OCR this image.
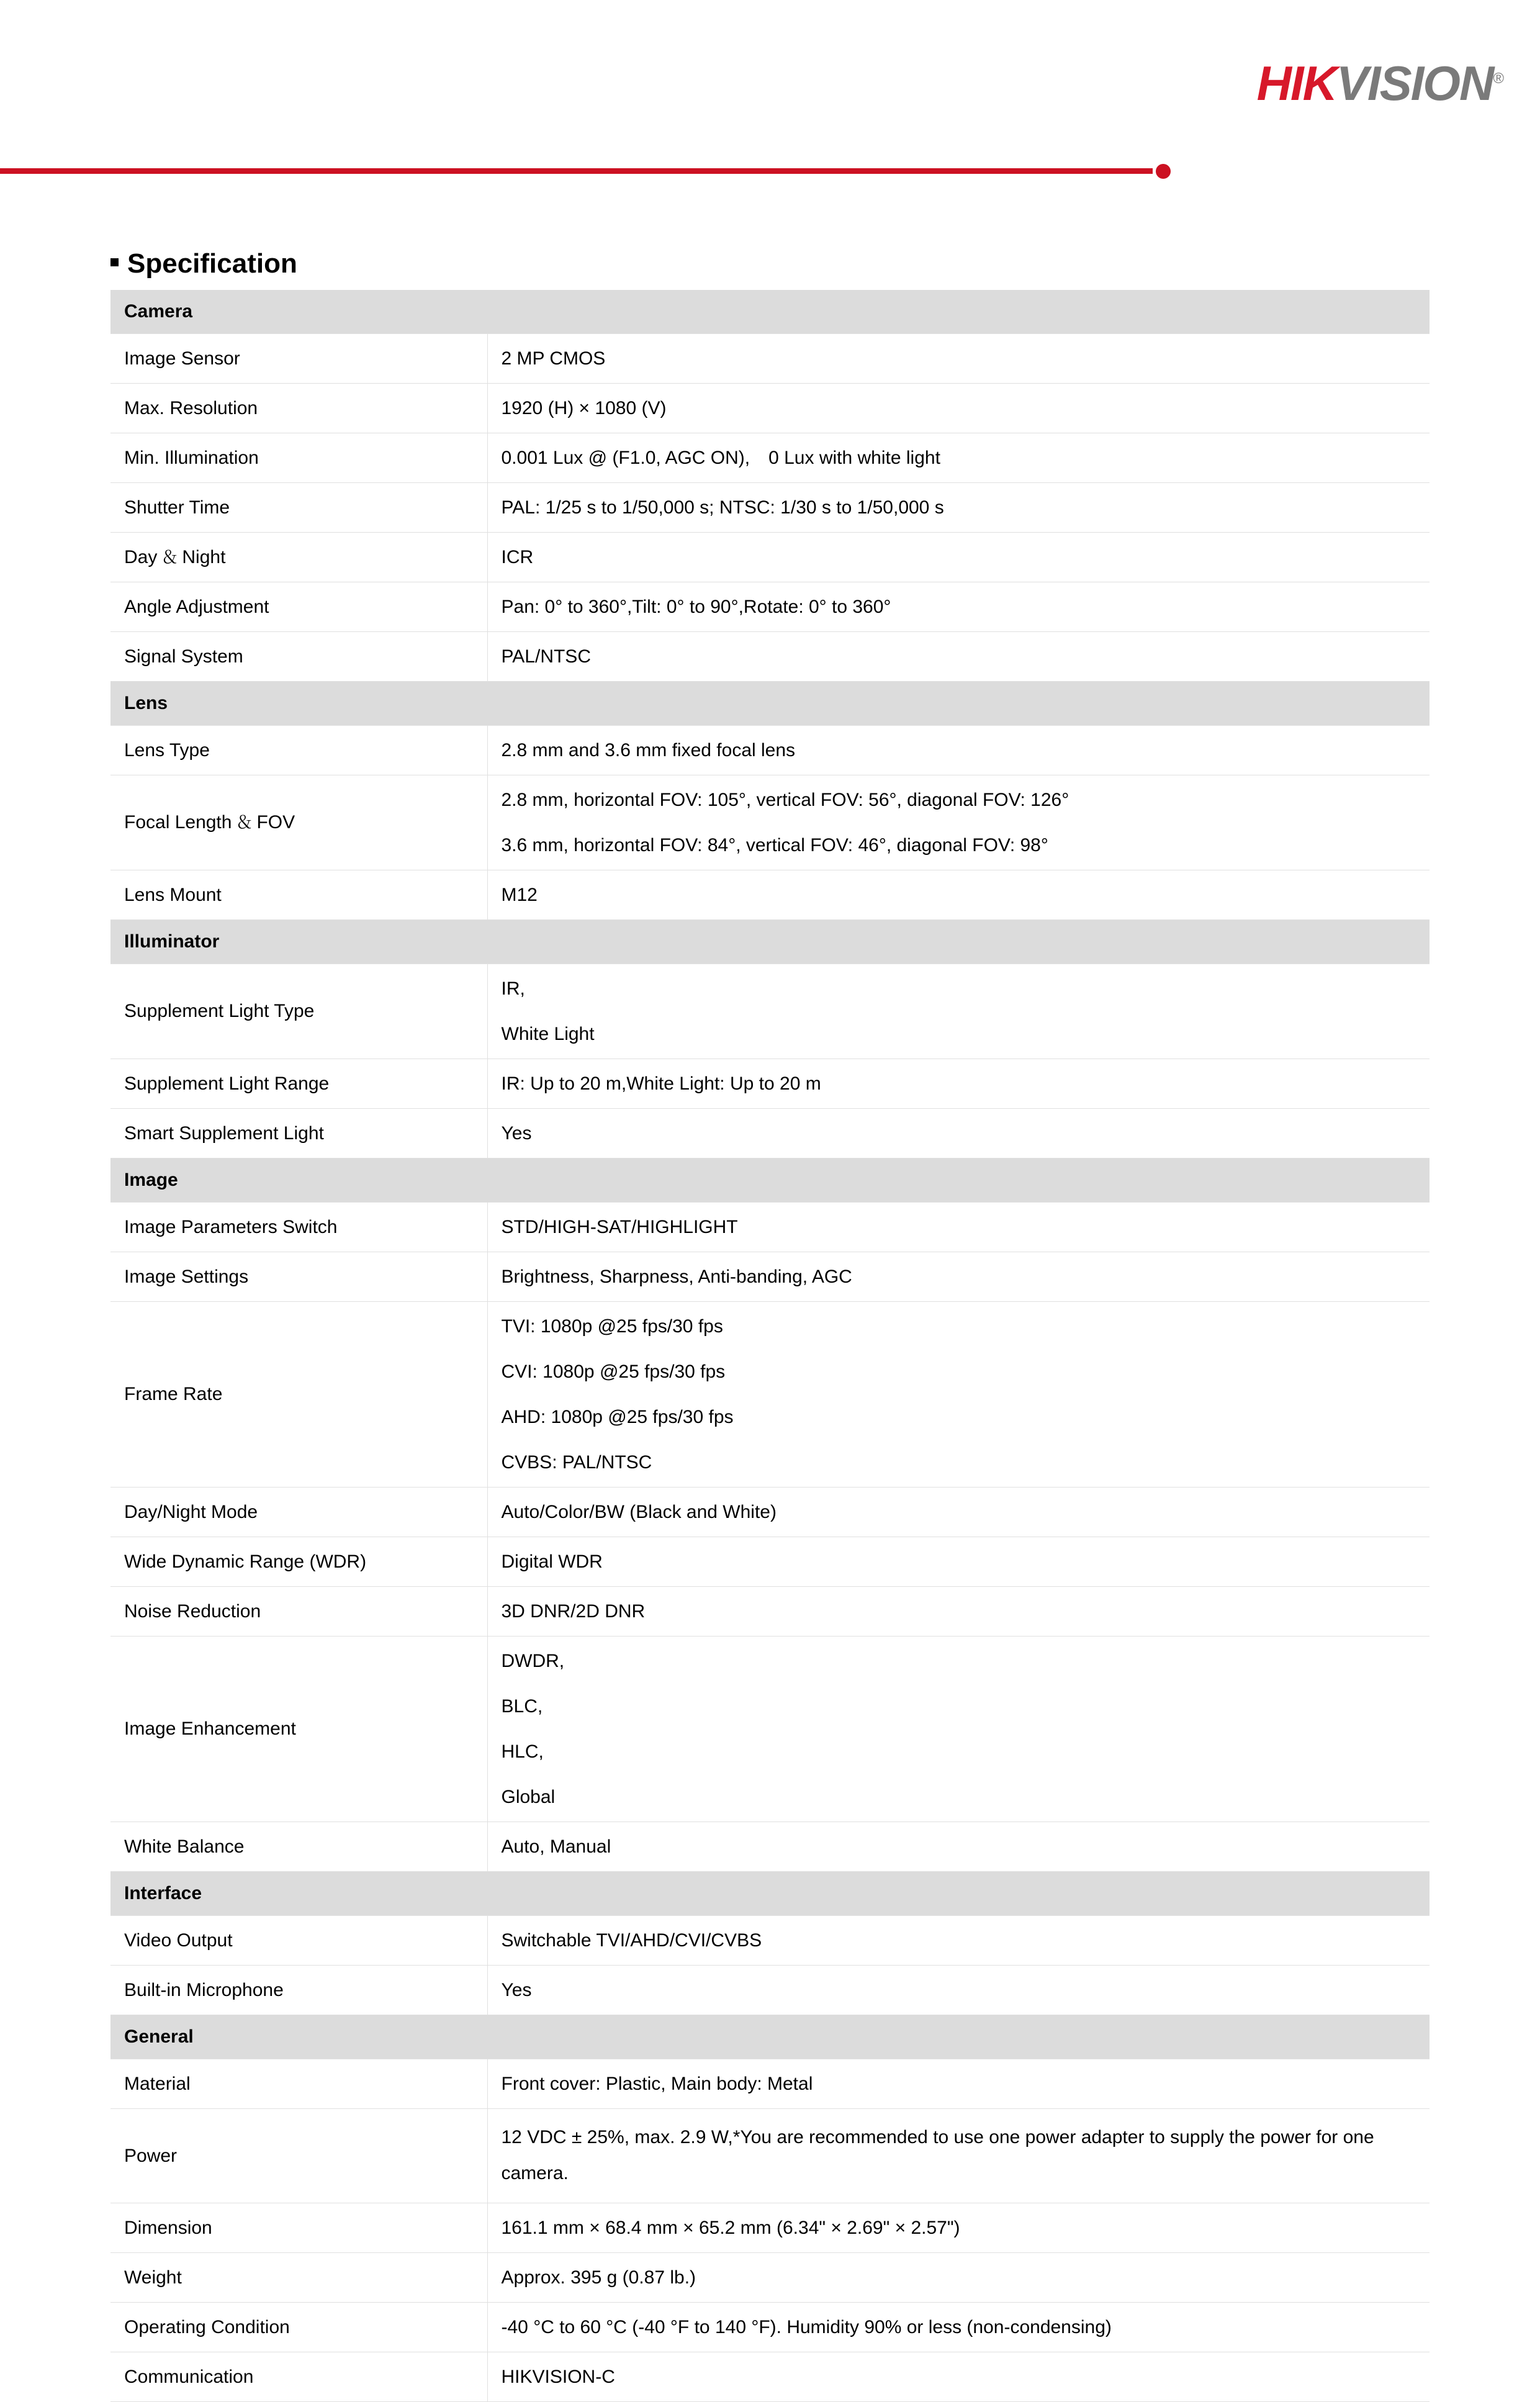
HIKVISION®
Specification
Camera	
Image Sensor	2 MP CMOS

Max. Resolution	1920 (H) × 1080 (V)

Min. Illumination	0.001 Lux @ (F1.0, AGC ON),　0 Lux with white light

Shutter Time	PAL: 1/25 s to 1/50,000 s; NTSC: 1/30 s to 1/50,000 s

Day ＆ Night	ICR

Angle Adjustment	Pan: 0° to 360°,Tilt: 0° to 90°,Rotate: 0° to 360°

Signal System	PAL/NTSC

Lens	
Lens Type	2.8 mm and 3.6 mm fixed focal lens

Focal Length ＆ FOV	2.8 mm, horizontal FOV: 105°, vertical FOV: 56°, diagonal FOV: 126°
3.6 mm, horizontal FOV: 84°, vertical FOV: 46°, diagonal FOV: 98°

Lens Mount	M12

Illuminator	
Supplement Light Type	IR,
White Light

Supplement Light Range	IR: Up to 20 m,White Light: Up to 20 m

Smart Supplement Light	Yes

Image	
Image Parameters Switch	STD/HIGH-SAT/HIGHLIGHT

Image Settings	Brightness, Sharpness, Anti-banding, AGC

Frame Rate	TVI: 1080p @25 fps/30 fps
CVI: 1080p @25 fps/30 fps
AHD: 1080p @25 fps/30 fps
CVBS: PAL/NTSC

Day/Night Mode	Auto/Color/BW (Black and White)

Wide Dynamic Range (WDR)	Digital WDR

Noise Reduction	3D DNR/2D DNR

Image Enhancement	DWDR,
BLC,
HLC,
Global

White Balance	Auto, Manual

Interface	
Video Output	Switchable TVI/AHD/CVI/CVBS

Built-in Microphone	Yes

General	
Material	Front cover: Plastic, Main body: Metal

Power	12 VDC ± 25%, max. 2.9 W,*You are recommended to use one power adapter to supply the power for one camera.

Dimension	161.1 mm × 68.4 mm × 65.2 mm (6.34" × 2.69" × 2.57")

Weight	Approx. 395 g (0.87 lb.)

Operating Condition	-40 °C to 60 °C (-40 °F to 140 °F). Humidity 90% or less (non-condensing)

Communication	HIKVISION-C
